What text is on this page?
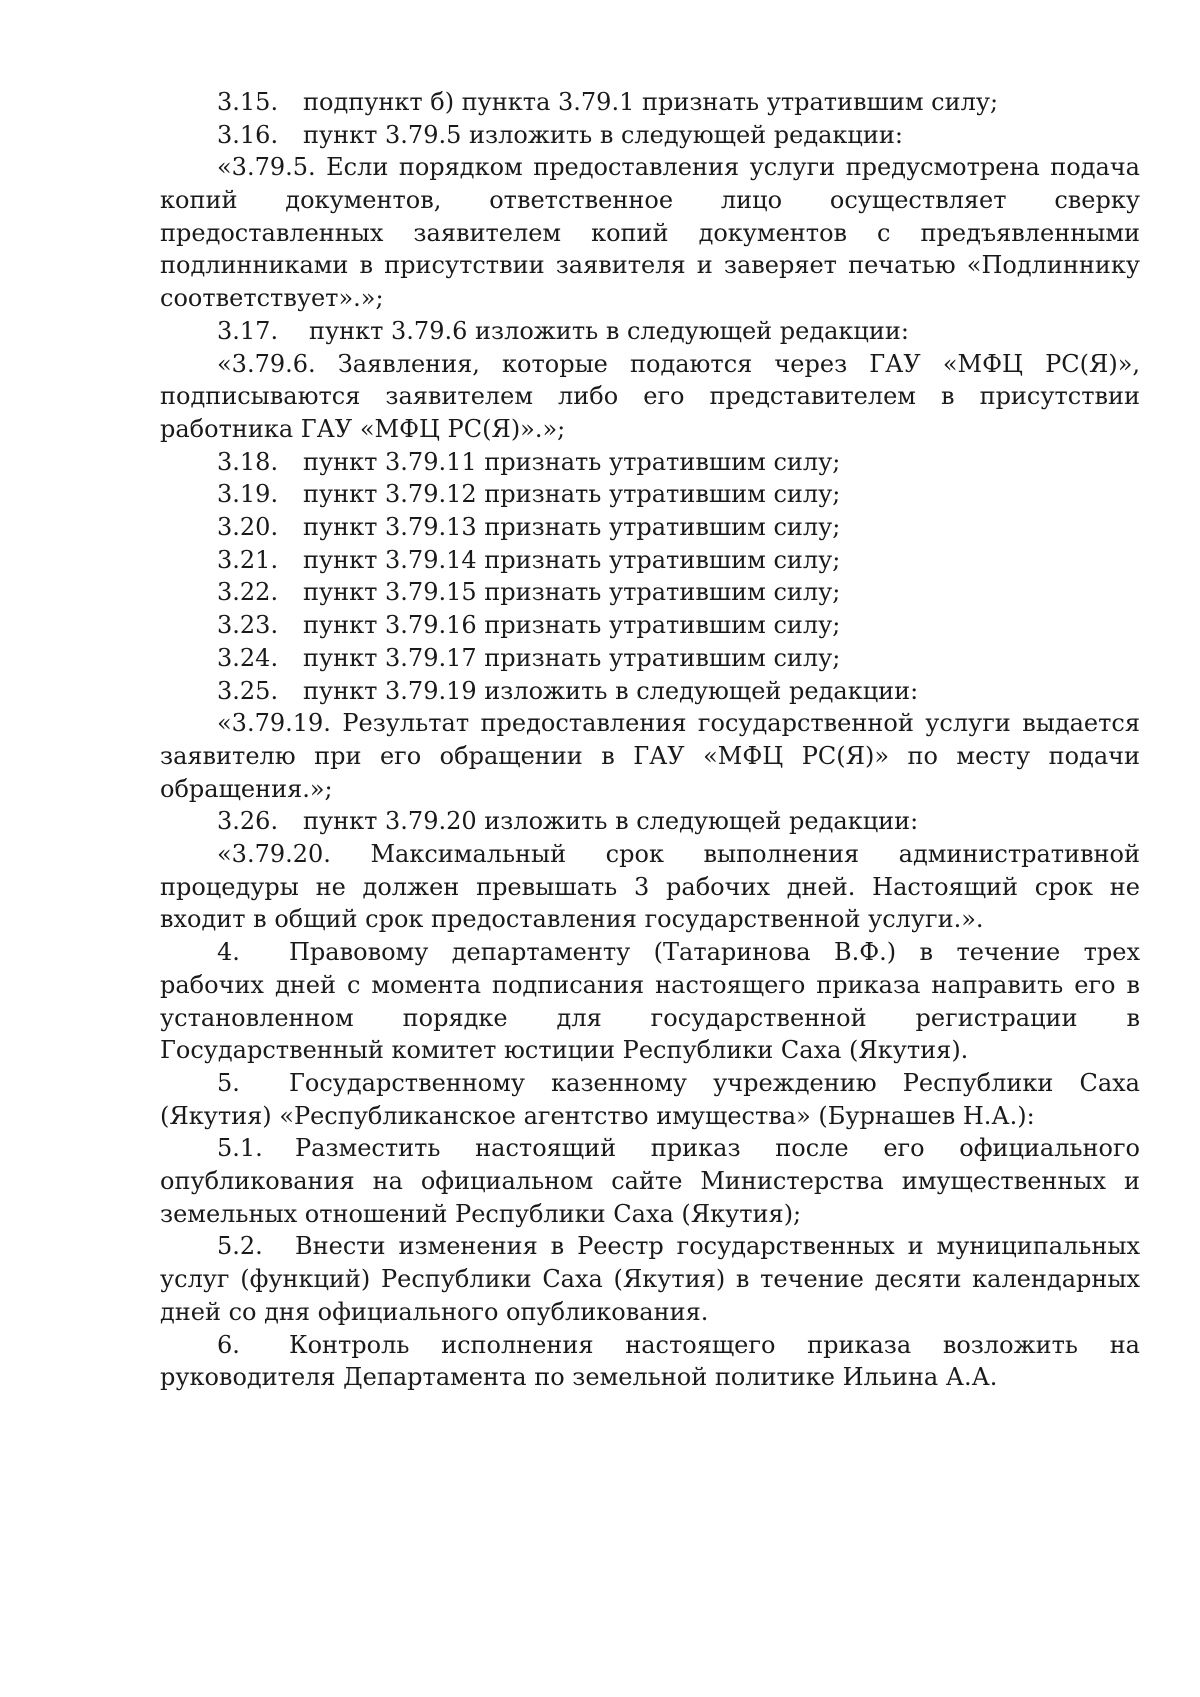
3.15. подпункт б) пункта 3.79.1 признать утратившим силу;
3.16. пункт 3.79.5 изложить в следующей редакции:
«3.79.5. Если порядком предоставления услуги предусмотрена подача копий документов, ответственное лицо осуществляет сверку предоставленных заявителем копий документов с предъявленными подлинниками в присутствии заявителя и заверяет печатью «Подлиннику соответствует».»;
3.17. пункт 3.79.6 изложить в следующей редакции:
«3.79.6. Заявления, которые подаются через ГАУ «МФЦ РС(Я)», подписываются заявителем либо его представителем в присутствии работника ГАУ «МФЦ РС(Я)».»;
3.18. пункт 3.79.11 признать утратившим силу;
3.19. пункт 3.79.12 признать утратившим силу;
3.20. пункт 3.79.13 признать утратившим силу;
3.21. пункт 3.79.14 признать утратившим силу;
3.22. пункт 3.79.15 признать утратившим силу;
3.23. пункт 3.79.16 признать утратившим силу;
3.24. пункт 3.79.17 признать утратившим силу;
3.25. пункт 3.79.19 изложить в следующей редакции:
«3.79.19. Результат предоставления государственной услуги выдается заявителю при его обращении в ГАУ «МФЦ РС(Я)» по месту подачи обращения.»;
3.26. пункт 3.79.20 изложить в следующей редакции:
«3.79.20. Максимальный срок выполнения административной процедуры не должен превышать 3 рабочих дней. Настоящий срок не входит в общий срок предоставления государственной услуги.».
4. Правовому департаменту (Татаринова В.Ф.) в течение трех рабочих дней с момента подписания настоящего приказа направить его в установленном порядке для государственной регистрации в Государственный комитет юстиции Республики Саха (Якутия).
5. Государственному казенному учреждению Республики Саха (Якутия) «Республиканское агентство имущества» (Бурнашев Н.А.):
5.1. Разместить настоящий приказ после его официального опубликования на официальном сайте Министерства имущественных и земельных отношений Республики Саха (Якутия);
5.2. Внести изменения в Реестр государственных и муниципальных услуг (функций) Республики Саха (Якутия) в течение десяти календарных дней со дня официального опубликования.
6. Контроль исполнения настоящего приказа возложить на руководителя Департамента по земельной политике Ильина А.А.
